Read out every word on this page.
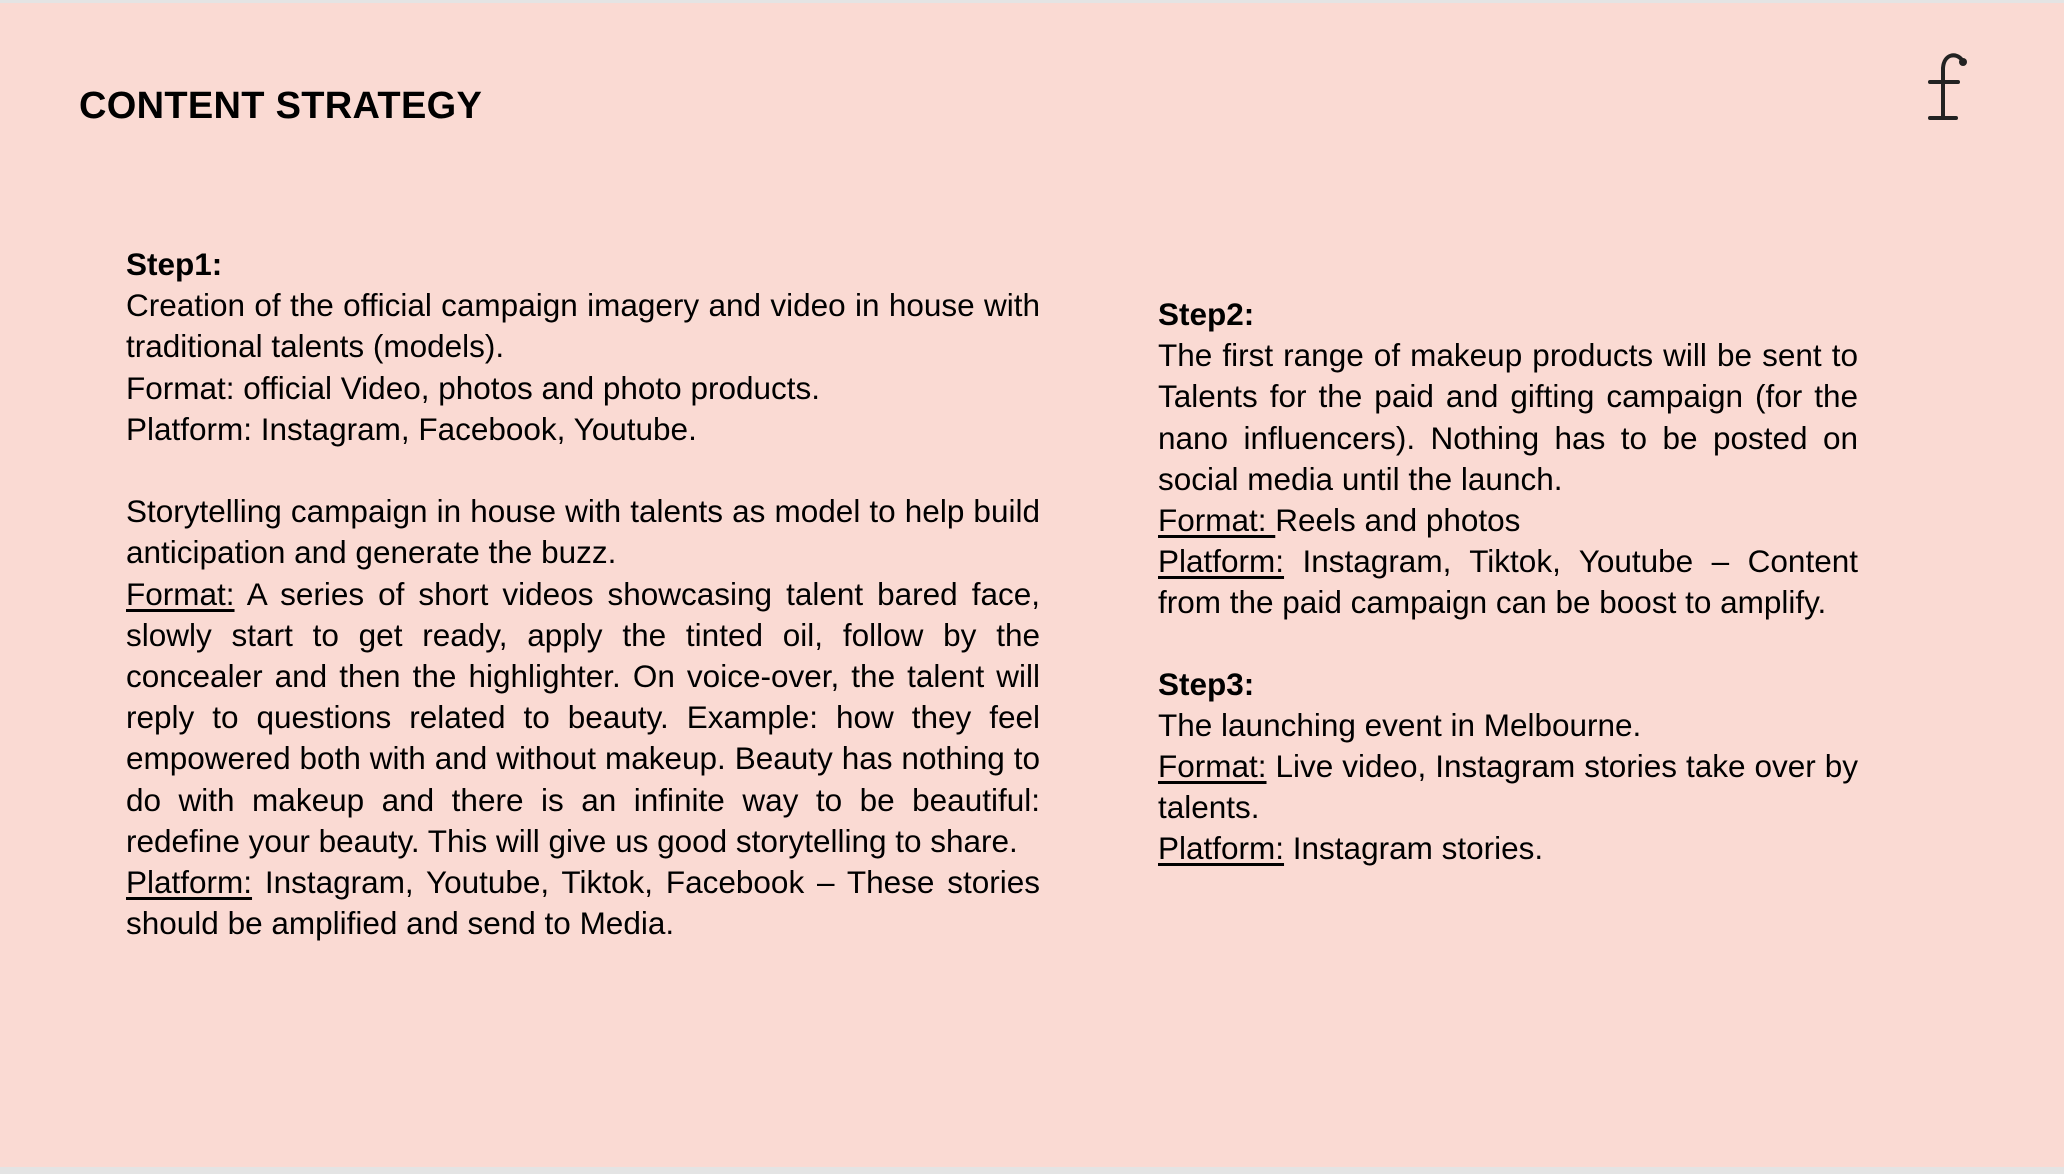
CONTENT STRATEGY
Step1:

Creation of the official campaign imagery and video in house with traditional talents (models).

Format: official Video, photos and photo products.

Platform: Instagram, Facebook, Youtube.

Storytelling campaign in house with talents as model to help build anticipation and generate the buzz.

Format: A series of short videos showcasing talent bared face, slowly start to get ready, apply the tinted oil, follow by the concealer and then the highlighter. On voice-over, the talent will reply to questions related to beauty. Example: how they feel empowered both with and without makeup. Beauty has nothing to do with makeup and there is an infinite way to be beautiful: redefine your beauty. This will give us good storytelling to share.

Platform: Instagram, Youtube, Tiktok, Facebook – These stories should be amplified and send to Media.

Step2:

The first range of makeup products will be sent to Talents for the paid and gifting campaign (for the nano influencers). Nothing has to be posted on social media until the launch.

Format: Reels and photos

Platform: Instagram, Tiktok, Youtube – Content from the paid campaign can be boost to amplify.

Step3:

The launching event in Melbourne.

Format: Live video, Instagram stories take over by talents.

Platform: Instagram stories.
